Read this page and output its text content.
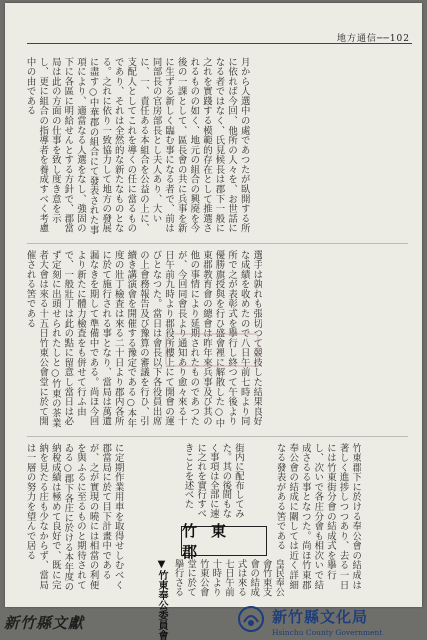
地方通信──102
月から人選中の處であつたが臥開する所に依れば今回、他所の人々を、お世話になる者ではなく、氏見候長は郡下一般に之れを實踐する模範的存在として推選されるものの如く、地元の組合の興廃を今後の一課として、區長會の共に兵事を新に生ずる新しく臨む事になる者で、前は同部長の官房部長とし夫人あり、大いに、一、責任ある本組合を公益の上に、支配人としてこれを導くの任に當るものであり、それは全然的な新たなものとなる。之れに依り一致協力して地方の發展に盡す○中華郡の組合にて發表された事項により、適當なる人選をなし、強固の下に各區に明給せんとする方針で、郡當局は此の方面の仕事を致し度き意を示し、更に組合の指導者を養成すべく考慮中の由である
選手は孰れも張切つて競技した結果良好な成績を收めたので八日午前七時より同所で之が表彰式を擧行し終つて午後より優勝旗授與を行ひ盛會裡に解散した○中東郡教育會の總會は昨年來兵事及び其の他の事情により延期されたものであつたが、今回同會長より通知あり愈々來る十日午前九時より郡役所樓上にて開會の運びとなつた。當日は會長以下各役員出席の上會務報告及び豫算の審議を行ひ、引續き講演會を開催する豫定である○本年度の壯丁檢査は來る二十日より郡内各所に於て施行される事となり、當局は萬遺漏なきを期して準備中である。尚ほ今回より新たに體力檢査をも併せて行ふ由で、一般壯丁は此の點に留意し當日は必ず定刻に出頭せられたしと○竹東の茶業者大會は來る十五日竹東公會堂に於て開催される筈である
竹東郡下に於ける奉公會の結成は著しく進捗しつつあり、去る一日には竹東街分會の結成式を擧行し、次いで各庄分會も相次いで結成さるる事となつた。尚ほ竹東郡奉公會の結成に關しては近く詳細なる發表がある筈である
街内に配布してみた。其の後間もなく事項は全部に速に之れを實行すべきことを述べた
竹東郡
▼竹東奉公委員會	皇民奉公會竹東支會の結成式は來る七日午前十時より竹東公會堂に於て擧行さる
に定期作業用車を取得せしむべく郡當局に於て目下計畫中であるが、之が實現の曉には相當の利便を與ふるに至るものと期待されてゐる○郡下各庄に於ける本年度の納稅成績は極めて良好で、既に完納を見たる庄も少なからず、當局は一層の努力を望んで居る
新竹縣文獻	新竹縣文化局
Hsinchu County Government
